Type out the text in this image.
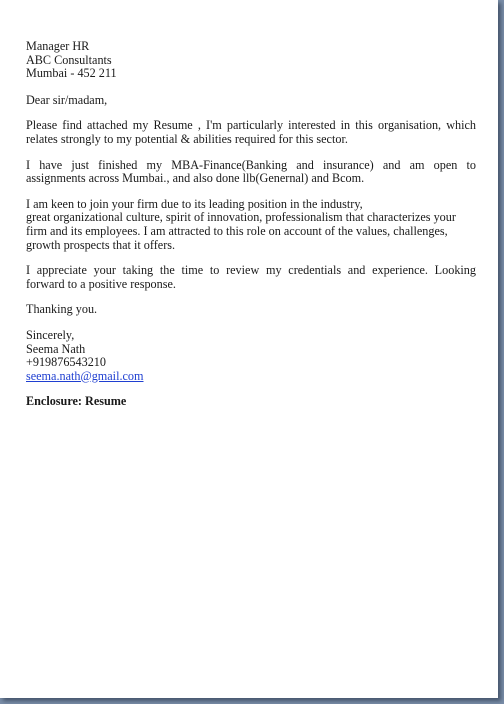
Manager HR
ABC Consultants
Mumbai - 452 211
Dear sir/madam,
Please find attached my Resume , I'm particularly interested in this organisation, which
relates strongly to my potential & abilities required for this sector.
I have just finished my MBA-Finance(Banking and insurance) and am open to
assignments across Mumbai., and also done llb(Genernal) and Bcom.
I am keen to join your firm due to its leading position in the industry,
great organizational culture, spirit of innovation, professionalism that characterizes your
firm and its employees. I am attracted to this role on account of the values, challenges,
growth prospects that it offers.
I appreciate your taking the time to review my credentials and experience. Looking
forward to a positive response.
Thanking you.
Sincerely,
Seema Nath
+919876543210
seema.nath@gmail.com
Enclosure: Resume
